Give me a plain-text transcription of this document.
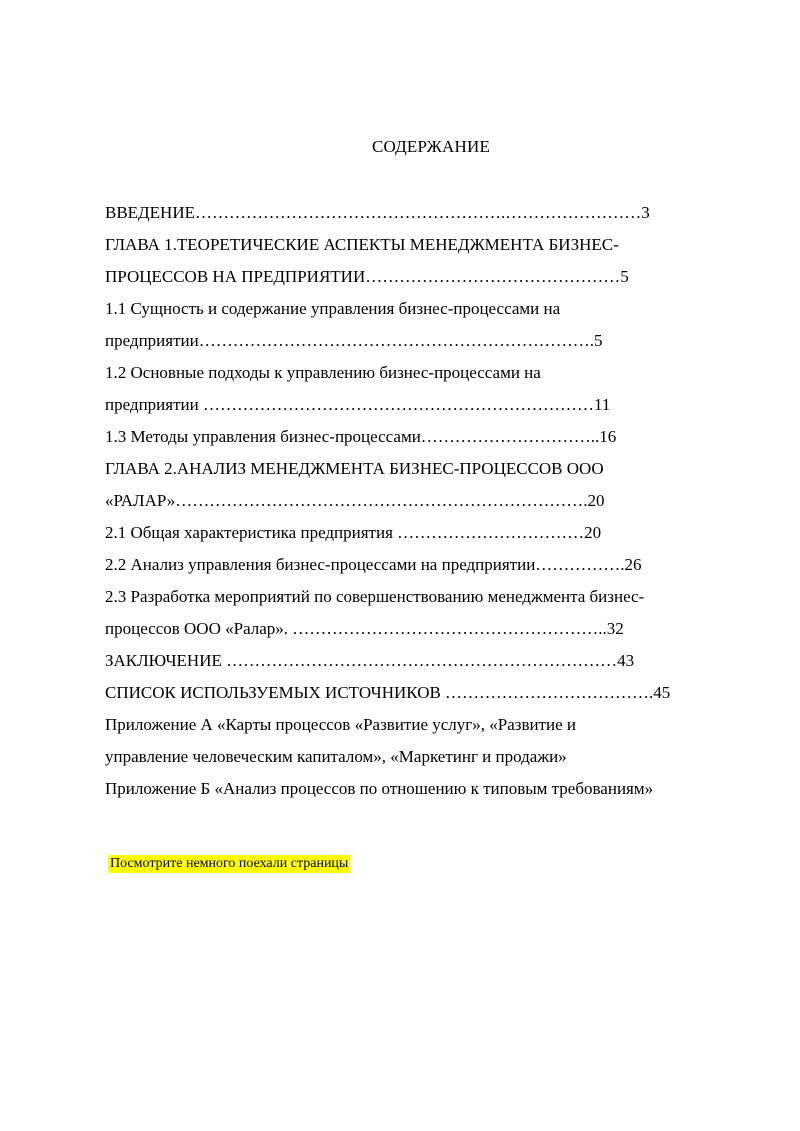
СОДЕРЖАНИЕ
ВВЕДЕНИЕ……………………………………………….……………………3
ГЛАВА 1.ТЕОРЕТИЧЕСКИЕ АСПЕКТЫ МЕНЕДЖМЕНТА БИЗНЕС-
ПРОЦЕССОВ НА ПРЕДПРИЯТИИ………………………………………5
1.1 Сущность и содержание управления бизнес-процессами на
предприятии…………………………………………………………….5
1.2 Основные подходы к управлению бизнес-процессами на
предприятии ……………………………………………………………11
1.3 Методы управления бизнес-процессами…………………………..16
ГЛАВА 2.АНАЛИЗ МЕНЕДЖМЕНТА БИЗНЕС-ПРОЦЕССОВ ООО
«РАЛАР»……………………………………………………………….20
2.1 Общая характеристика предприятия ……………………………20
2.2 Анализ управления бизнес-процессами на предприятии…………….26
2.3 Разработка мероприятий по совершенствованию менеджмента бизнес-
процессов ООО «Ралар». ………………………………………………..32
ЗАКЛЮЧЕНИЕ ……………………………………………………………43
СПИСОК ИСПОЛЬЗУЕМЫХ ИСТОЧНИКОВ ……………………………….45
Приложение А «Карты процессов «Развитие услуг», «Развитие и
управление человеческим капиталом», «Маркетинг и продажи»
Приложение Б «Анализ процессов по отношению к типовым требованиям»
Посмотрите немного поехали страницы
